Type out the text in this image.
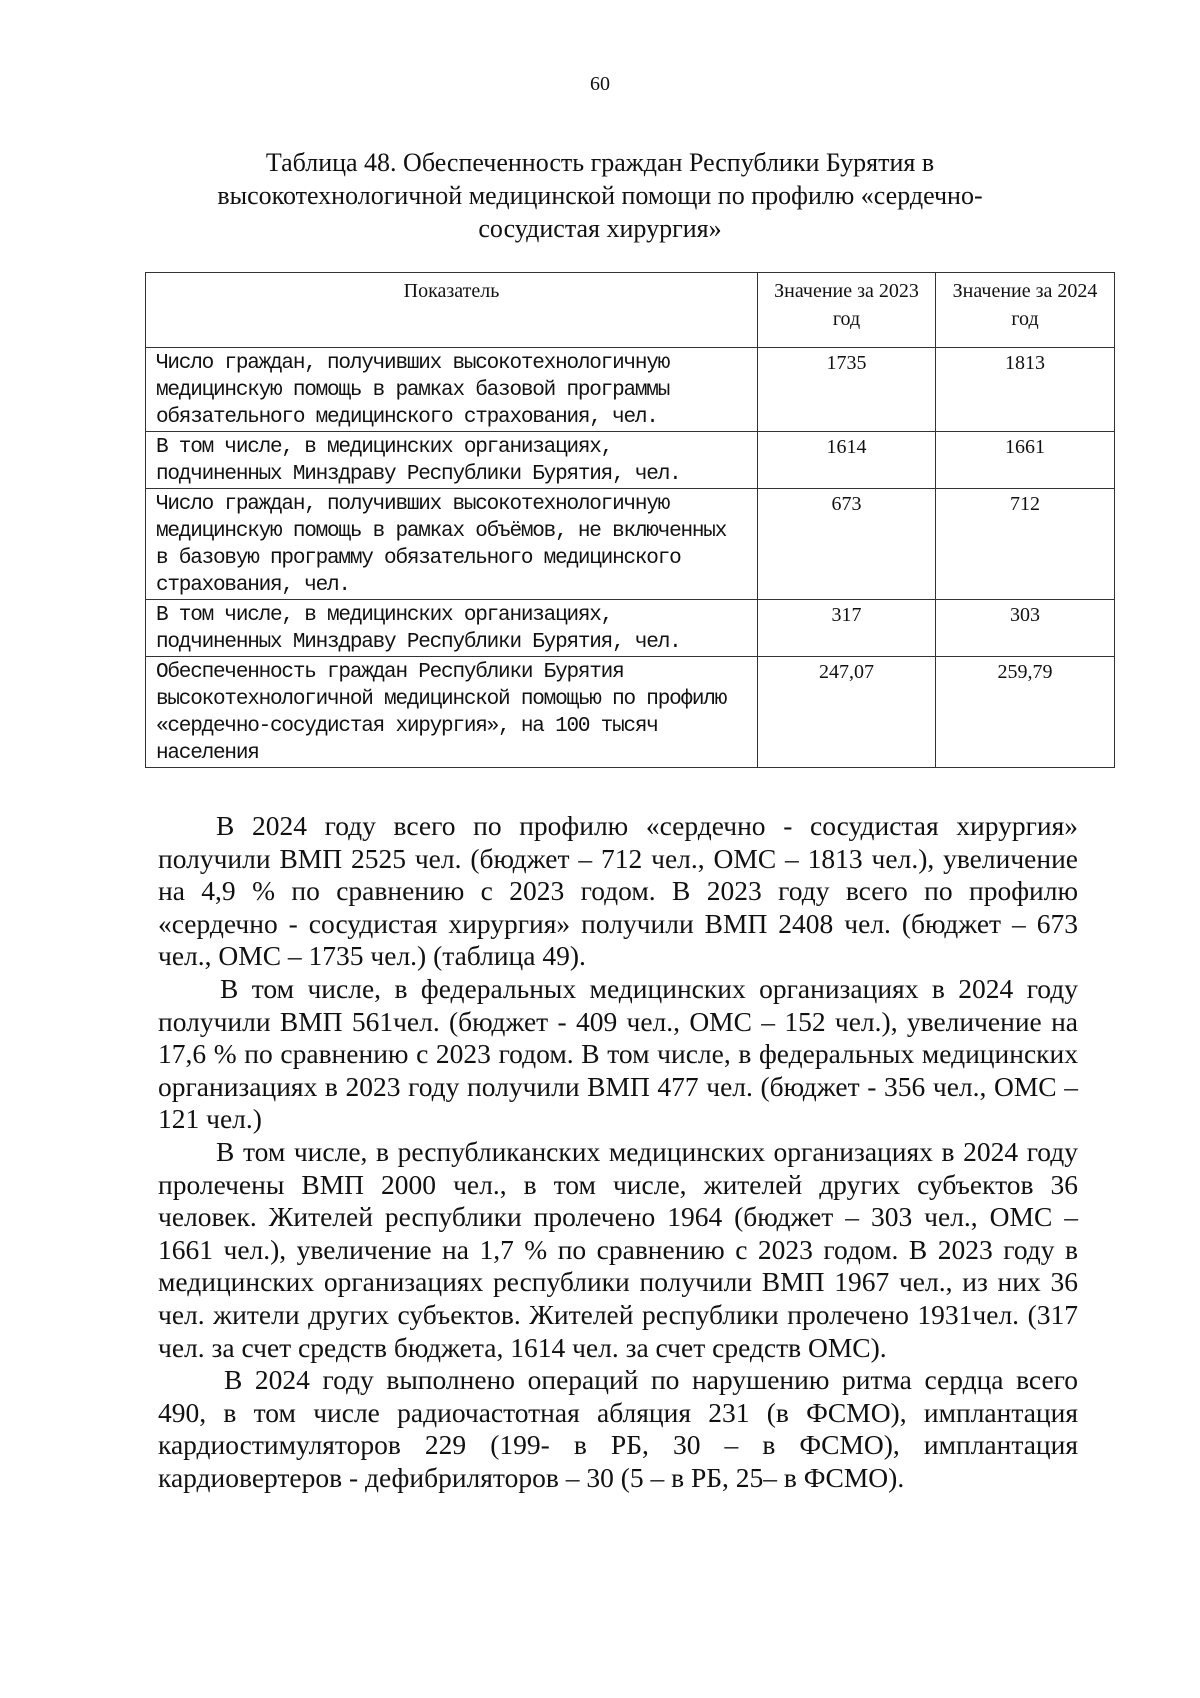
60
Таблица 48. Обеспеченность граждан Республики Бурятия в высокотехнологичной медицинской помощи по профилю «сердечно-сосудистая хирургия»
Показатель	Значение за 2023 год	Значение за 2024 год
Число граждан, получивших высокотехнологичную медицинскую помощь в рамках базовой программы обязательного медицинского страхования, чел.	1735	1813
В том числе, в медицинских организациях, подчиненных Минздраву Республики Бурятия, чел.	1614	1661
Число граждан, получивших высокотехнологичную медицинскую помощь в рамках объёмов, не включенных в базовую программу обязательного медицинского страхования, чел.	673	712
В том числе, в медицинских организациях, подчиненных Минздраву Республики Бурятия, чел.	317	303
Обеспеченность граждан Республики Бурятия высокотехнологичной медицинской помощью по профилю «сердечно-сосудистая хирургия», на 100 тысяч населения	247,07	259,79

В 2024 году всего по профилю «сердечно - сосудистая хирургия» получили ВМП 2525 чел. (бюджет – 712 чел., ОМС – 1813 чел.), увеличение на 4,9 % по сравнению с 2023 годом. В 2023 году всего по профилю «сердечно - сосудистая хирургия» получили ВМП 2408 чел. (бюджет – 673 чел., ОМС – 1735 чел.) (таблица 49).

В том числе, в федеральных медицинских организациях в 2024 году получили ВМП 561чел. (бюджет - 409 чел., ОМС – 152 чел.), увеличение на 17,6 % по сравнению с 2023 годом. В том числе, в федеральных медицинских организациях в 2023 году получили ВМП 477 чел. (бюджет - 356 чел., ОМС –121 чел.)

В том числе, в республиканских медицинских организациях в 2024 году пролечены ВМП 2000 чел., в том числе, жителей других субъектов 36 человек. Жителей республики пролечено 1964 (бюджет – 303 чел., ОМС – 1661 чел.), увеличение на 1,7 % по сравнению с 2023 годом. В 2023 году в медицинских организациях республики получили ВМП 1967 чел., из них 36 чел. жители других субъектов. Жителей республики пролечено 1931чел. (317 чел. за счет средств бюджета, 1614 чел. за счет средств ОМС).

В 2024 году выполнено операций по нарушению ритма сердца всего 490, в том числе радиочастотная абляция 231 (в ФСМО), имплантация кардиостимуляторов 229 (199- в РБ, 30 – в ФСМО), имплантация кардиовертеров - дефибриляторов – 30 (5 – в РБ, 25– в ФСМО).
